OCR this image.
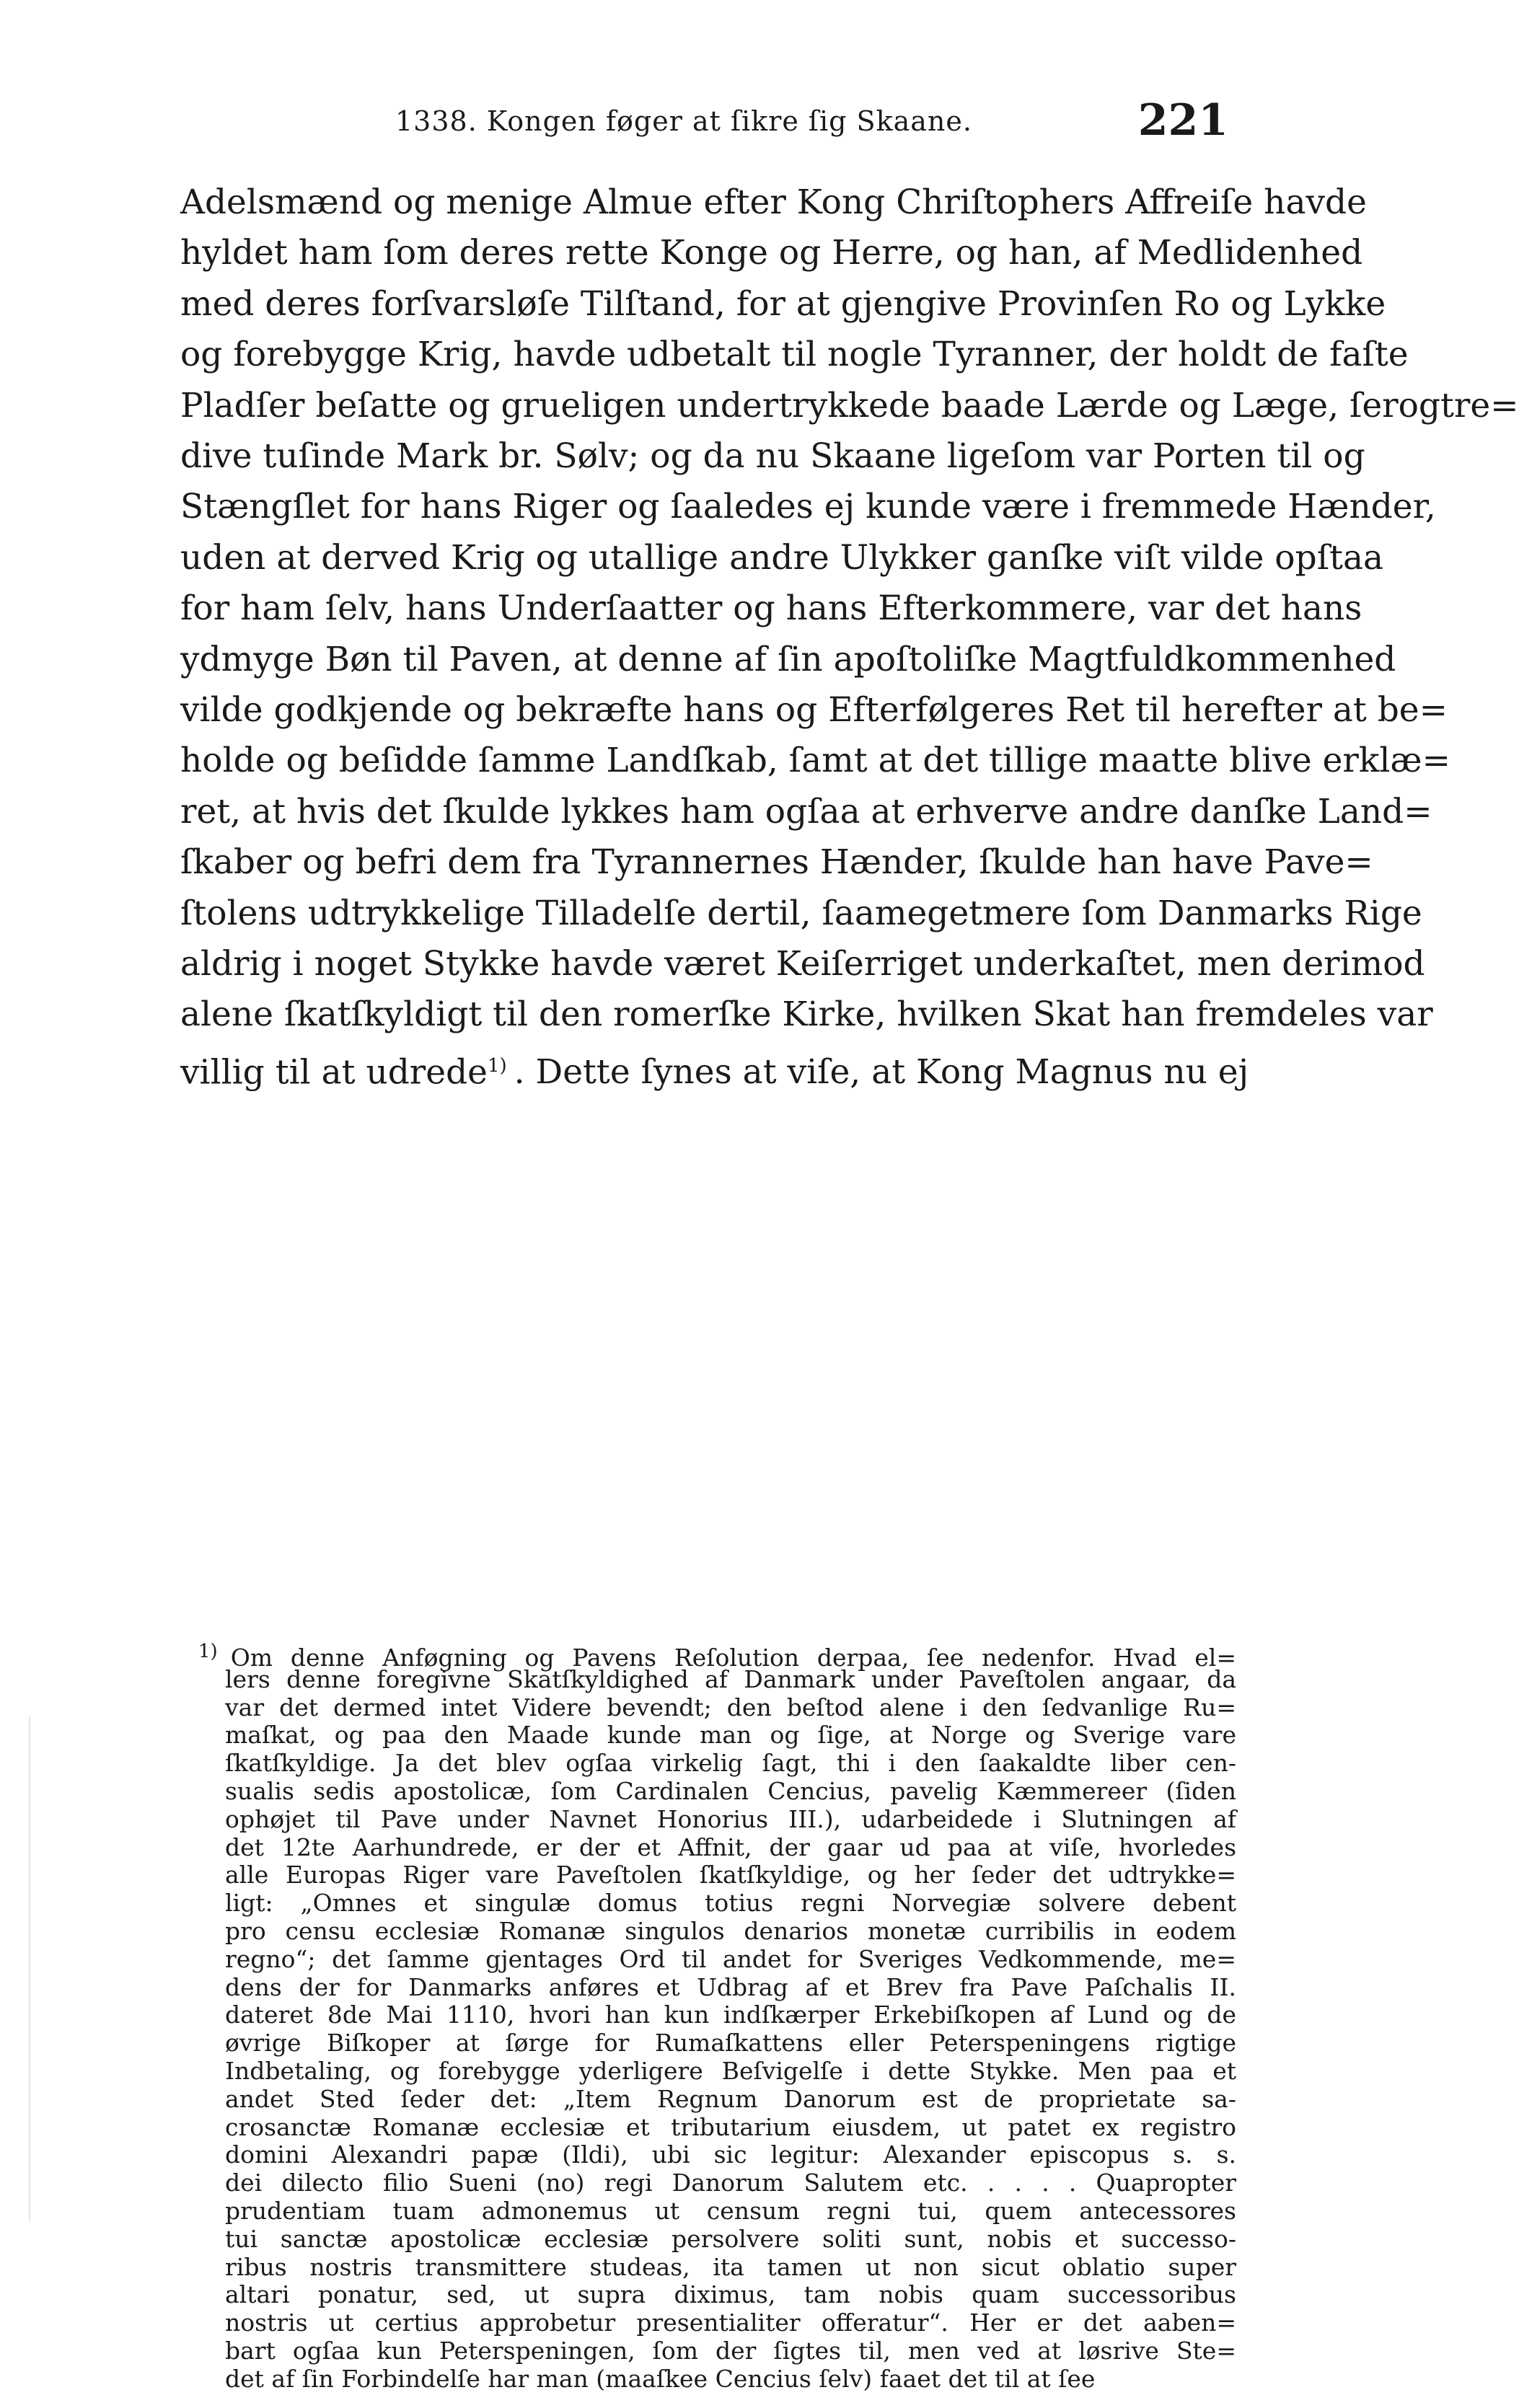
1338. Kongen føger at ſikre ſig Skaane.	221
Adelsmænd og menige Almue efter Kong Chriſtophers Affreiſe havde
hyldet ham ſom deres rette Konge og Herre, og han, af Medlidenhed
med deres forſvarsløſe Tilſtand, for at gjengive Provinſen Ro og Lykke
og forebygge Krig, havde udbetalt til nogle Tyranner, der holdt de faſte
Pladſer beſatte og grueligen undertrykkede baade Lærde og Læge, ſerogtre=
dive tuſinde Mark br. Sølv; og da nu Skaane ligeſom var Porten til og
Stængſlet for hans Riger og ſaaledes ej kunde være i fremmede Hænder,
uden at derved Krig og utallige andre Ulykker ganſke viſt vilde opſtaa
for ham ſelv, hans Underſaatter og hans Efterkommere, var det hans
ydmyge Bøn til Paven, at denne af ſin apoſtoliſke Magtfuldkommenhed
vilde godkjende og bekræfte hans og Efterfølgeres Ret til herefter at be=
holde og beſidde ſamme Landſkab, ſamt at det tillige maatte blive erklæ=
ret, at hvis det ſkulde lykkes ham ogſaa at erhverve andre danſke Land=
ſkaber og befri dem fra Tyrannernes Hænder, ſkulde han have Pave=
ſtolens udtrykkelige Tilladelſe dertil, ſaamegetmere ſom Danmarks Rige
aldrig i noget Stykke havde været Keiſerriget underkaſtet, men derimod
alene ſkatſkyldigt til den romerſke Kirke, hvilken Skat han fremdeles var
villig til at udrede$^{1)}$ . Dette ſynes at viſe, at Kong Magnus nu ej
$^{1)}$ Om denne Anføgning og Pavens Reſolution derpaa, ſee nedenfor. Hvad el=
lers denne foregivne Skatſkyldighed af Danmark under Paveſtolen angaar, da
var det dermed intet Videre bevendt; den beſtod alene i den ſedvanlige Ru=
maſkat, og paa den Maade kunde man og ſige, at Norge og Sverige vare
ſkatſkyldige. Ja det blev ogſaa virkelig ſagt, thi i den ſaakaldte liber cen-
sualis sedis apostolicæ, ſom Cardinalen Cencius, pavelig Kæmmereer (ſiden
ophøjet til Pave under Navnet Honorius III.), udarbeidede i Slutningen af
det 12te Aarhundrede, er der et Affnit, der gaar ud paa at viſe, hvorledes
alle Europas Riger vare Paveſtolen ſkatſkyldige, og her ſeder det udtrykke=
ligt: „Omnes et singulæ domus totius regni Norvegiæ solvere debent
pro censu ecclesiæ Romanæ singulos denarios monetæ curribilis in eodem
regno“; det ſamme gjentages Ord til andet for Sveriges Vedkommende, me=
dens der for Danmarks anføres et Udbrag af et Brev fra Pave Paſchalis II.
dateret 8de Mai 1110, hvori han kun indſkærper Erkebiſkopen af Lund og de
øvrige Biſkoper at ſørge for Rumaſkattens eller Peterspeningens rigtige
Indbetaling, og forebygge yderligere Beſvigelſe i dette Stykke. Men paa et
andet Sted ſeder det: „Item Regnum Danorum est de proprietate sa-
crosanctæ Romanæ ecclesiæ et tributarium eiusdem, ut patet ex registro
domini Alexandri papæ (Ildi), ubi sic legitur: Alexander episcopus s. s.
dei dilecto filio Sueni (no) regi Danorum Salutem etc. . . . . Quapropter
prudentiam tuam admonemus ut censum regni tui, quem antecessores
tui sanctæ apostolicæ ecclesiæ persolvere soliti sunt, nobis et successo-
ribus nostris transmittere studeas, ita tamen ut non sicut oblatio super
altari ponatur, sed, ut supra diximus, tam nobis quam successoribus
nostris ut certius approbetur presentialiter offeratur“. Her er det aaben=
bart ogſaa kun Peterspeningen, ſom der ſigtes til, men ved at løsrive Ste=
det af ſin Forbindelſe har man (maaſkee Cencius ſelv) faaet det til at ſee
